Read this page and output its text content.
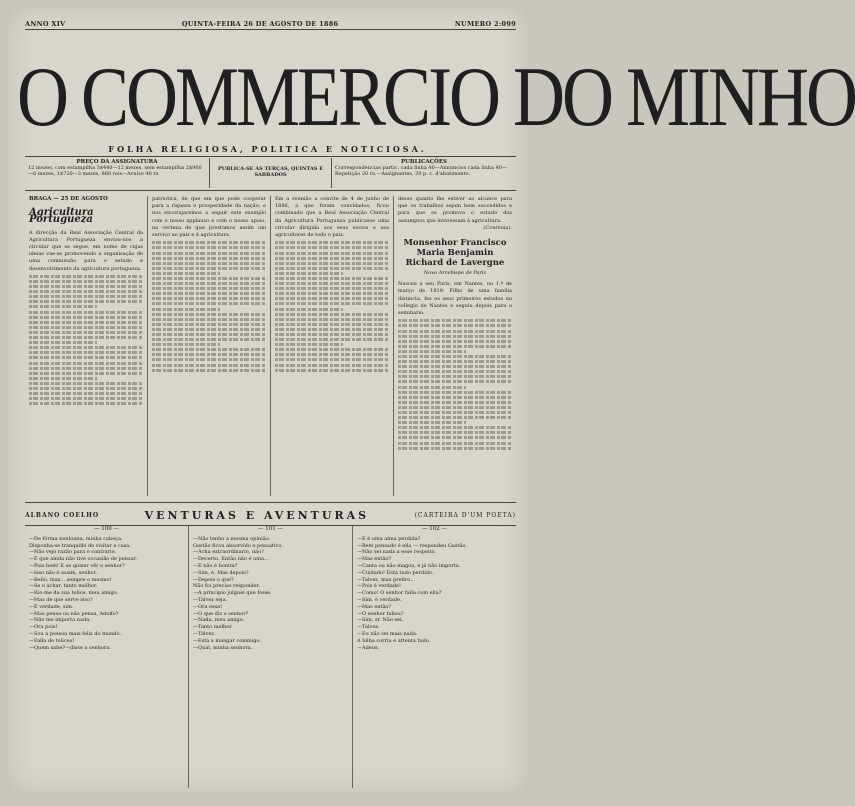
ANNO XIV	QUINTA-FEIRA 26 DE AGOSTO DE 1886	NUMERO 2:099
O COMMERCIO DO MINHO
FOLHA RELIGIOSA, POLITICA E NOTICIOSA.
PREÇO DA ASSIGNATURA
12 mezes, com estampilha 3$440—12 mezes, sem estampilha 2$960—6 mezes, 1$720—3 mezes, 860 reis—Avulso 40 rs.
PUBLICA-SE ÁS TERÇAS, QUINTAS E SABBADOS
PUBLICAÇÕES
Correspondencias partic. cada linha 40—Annuncios cada linha 40—Repetição 20 rs.—Assignantes, 20 p. c. d'abatimento.
BRAGA — 25 DE AGOSTO
Agricultura Portugueza
A direcção da Real Associação Central da Agricultura Portugueza enviou-nos a circular que se segue, em nome de cujas ideias vae-se promovendo a organisação de uma commissão para o estudo e desenvolvimento da agricultura portugueza.
patriotica, de que em que pode cooperar para a riqueza e prosperidade da nação; e nos encorajaremos a seguir este exemplo com o nosso applauso e com o nosso apoio, na certeza de que prestamos assim um serviço ao paiz e á agricultura.
Em a reunião a convite de 4 de junho de 1886, a que foram convidados, ficou combinado que a Real Associação Central da Agricultura Portugueza publicasse uma circular dirigida aos seus socios e aos agricultores de todo o paiz.
desse quanto lhe estiver ao alcance para que os trabalhos sejam bem succedidos e para que se promova o estudo dos assumptos que interessam á agricultura.
(Continúa).
Monsenhor Francisco Maria Benjamin Richard de Lavergne
Novo Arcebispo de Paris
Nasceu a seu Paris, em Nantes, no 1.º de março de 1819. Filho de uma familia distincta, fez os seus primeiros estudos no collegio de Nantes e seguiu depois para o seminario.
ALBANO COELHO	VENTURAS E AVENTURAS	(CARTEIRA D'UM POETA)
— 100 —

—De fórma nenhuma, minha cabeça.

Disponha-se tranquillo de visitar a casa.

—Não vejo razão para o contrario.

—É que ainda não tive occasião de pensar.

—Pois bem! E se quizer vêr o senhor?

—Isso não é assim, senhor.

—Bello, mas... sempre o mesmo!

—Se o achar, tanto melhor.

—Rio-me da sua tolice, meu amigo.

—Mas de que serve isso?

—É verdade, sim.

—Mas pensa ou não pensa, Adolfo?

—Não me importa nada.

—Ora pois!

—Sou a pessoa mais feliz do mundo.

—Falla de tolices!

—Quem sabe?—disse a senhora.

— 101 —

—Não tenho a mesma opinião.

Gastão ficou absorvido e pensativo.

—Acha extraordinario, não?

—Decerto. Então não é uma...

—E não é bonita?

—Sim, é. Mas depois?

—Depois o que?

Não foi preciso responder.

—A principio julguei que fosse.

—Talvez seja.

—Ora essa!

—O que diz o senhor?

—Nada, meu amigo.

—Tanto melhor.

—Talvez.

—Está a mangar commigo.

—Qual, minha senhora.

— 102 —

—E é uma alma perdida?

—Bem pensado é ella — respondeu Gastão.

—Não sei nada a esse respeito.

—Mas então?

—Canta ou não magoa, e já não importa.

—Cuidado! Está tudo perdido.

—Talvez, mas prefiro...

—Pois é verdade!

—Como! O senhor falla com ella?

—Sim, é verdade.

—Mas então?

—O senhor fallou?

—Sim, sr. Não sei.

—Talvez.

—Eu não sei mais nada.

A bilha corria e attenta tudo.

—Adeus.
